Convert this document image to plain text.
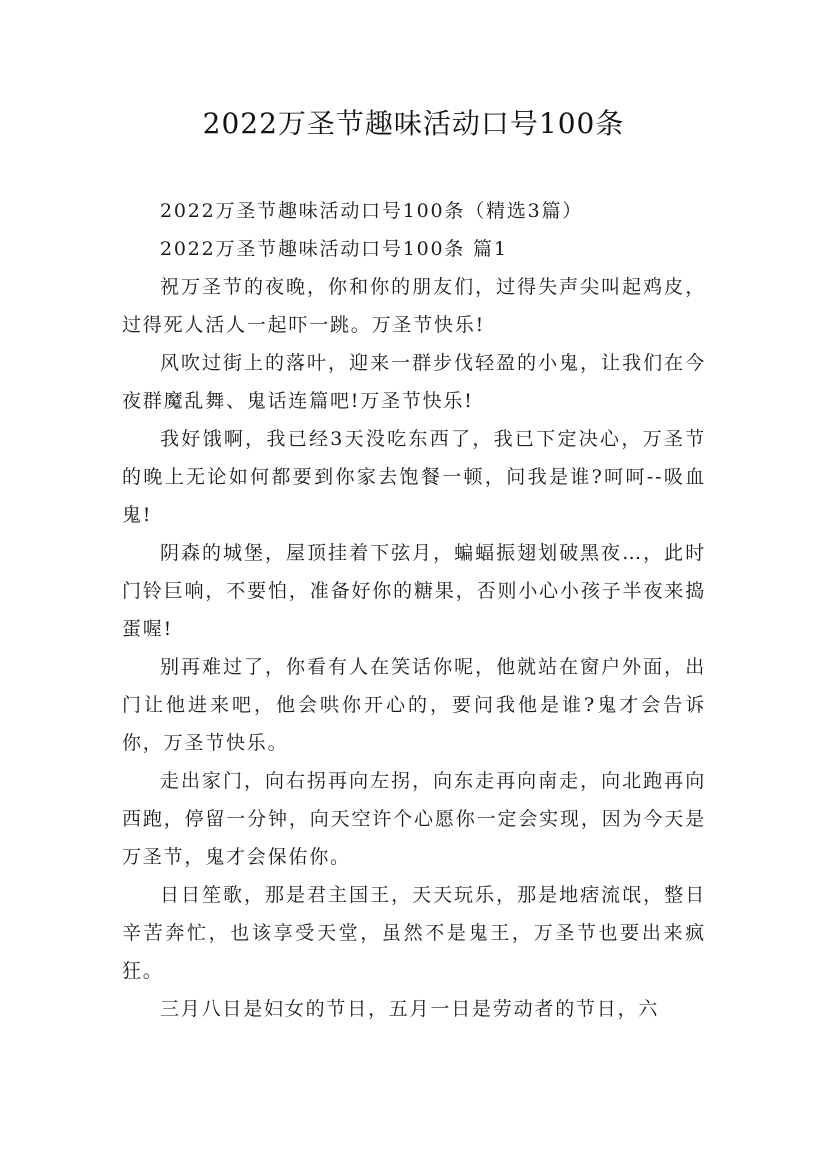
2022万圣节趣味活动口号100条

2022万圣节趣味活动口号100条（精选3篇）

2022万圣节趣味活动口号100条 篇1

祝万圣节的夜晚，你和你的朋友们，过得失声尖叫起鸡皮，过得死人活人一起吓一跳。万圣节快乐!

风吹过街上的落叶，迎来一群步伐轻盈的小鬼，让我们在今夜群魔乱舞、鬼话连篇吧!万圣节快乐!

我好饿啊，我已经3天没吃东西了，我已下定决心，万圣节的晚上无论如何都要到你家去饱餐一顿，问我是谁?呵呵--吸血鬼!

阴森的城堡，屋顶挂着下弦月，蝙蝠振翅划破黑夜…，此时门铃巨响，不要怕，准备好你的糖果，否则小心小孩子半夜来捣蛋喔!

别再难过了，你看有人在笑话你呢，他就站在窗户外面，出门让他进来吧，他会哄你开心的，要问我他是谁?鬼才会告诉你，万圣节快乐。

走出家门，向右拐再向左拐，向东走再向南走，向北跑再向西跑，停留一分钟，向天空许个心愿你一定会实现，因为今天是万圣节，鬼才会保佑你。

日日笙歌，那是君主国王，天天玩乐，那是地痞流氓，整日辛苦奔忙，也该享受天堂，虽然不是鬼王，万圣节也要出来疯狂。

三月八日是妇女的节日，五月一日是劳动者的节日，六
